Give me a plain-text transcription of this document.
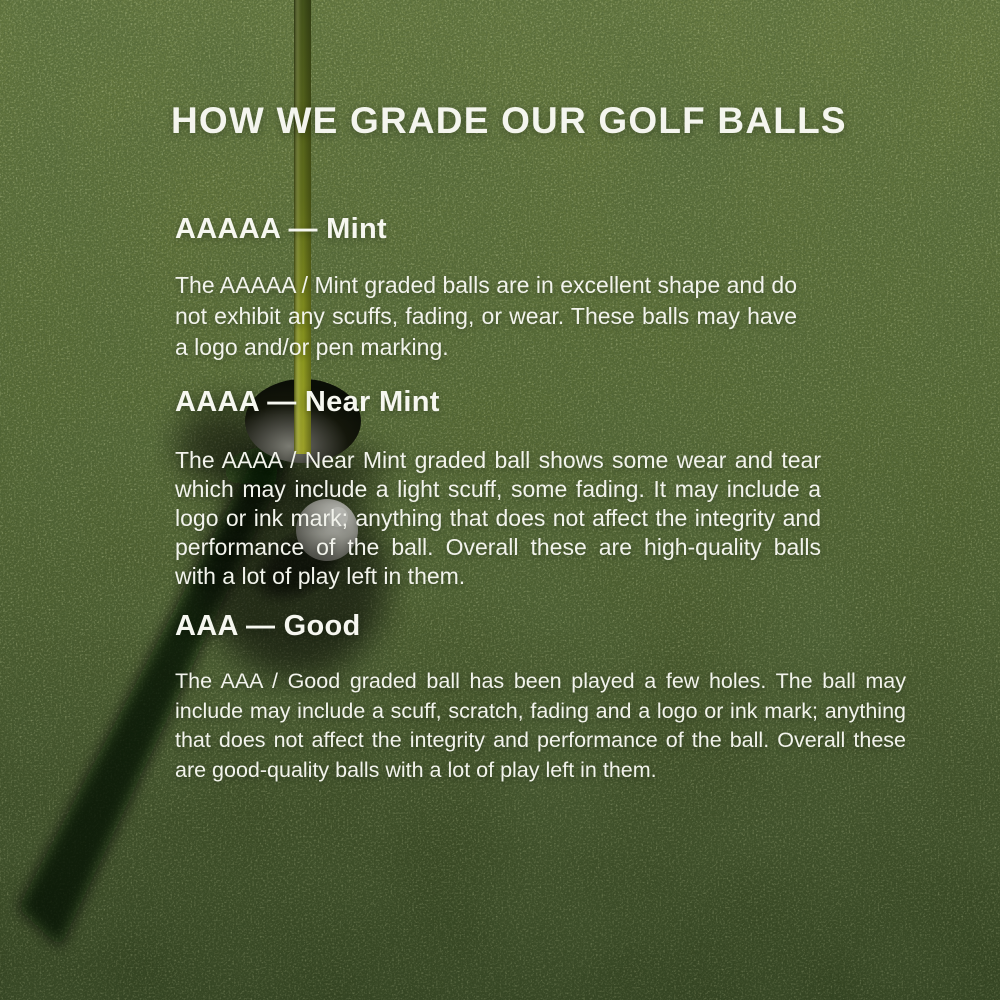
HOW WE GRADE OUR GOLF BALLS
AAAAA — Mint
The AAAAA / Mint graded balls are in excellent shape and do not exhibit any scuffs, fading, or wear. These balls may have a logo and/or pen marking.
AAAA — Near Mint
The AAAA / Near Mint graded ball shows some wear and tear which may include a light scuff, some fading. It may include a logo or ink mark; anything that does not affect the integrity and performance of the ball. Overall these are high-quality balls with a lot of play left in them.
AAA — Good
The AAA / Good graded ball has been played a few holes. The ball may include may include a scuff, scratch, fading and a logo or ink mark; anything that does not affect the integrity and performance of the ball. Overall these are good-quality balls with a lot of play left in them.
